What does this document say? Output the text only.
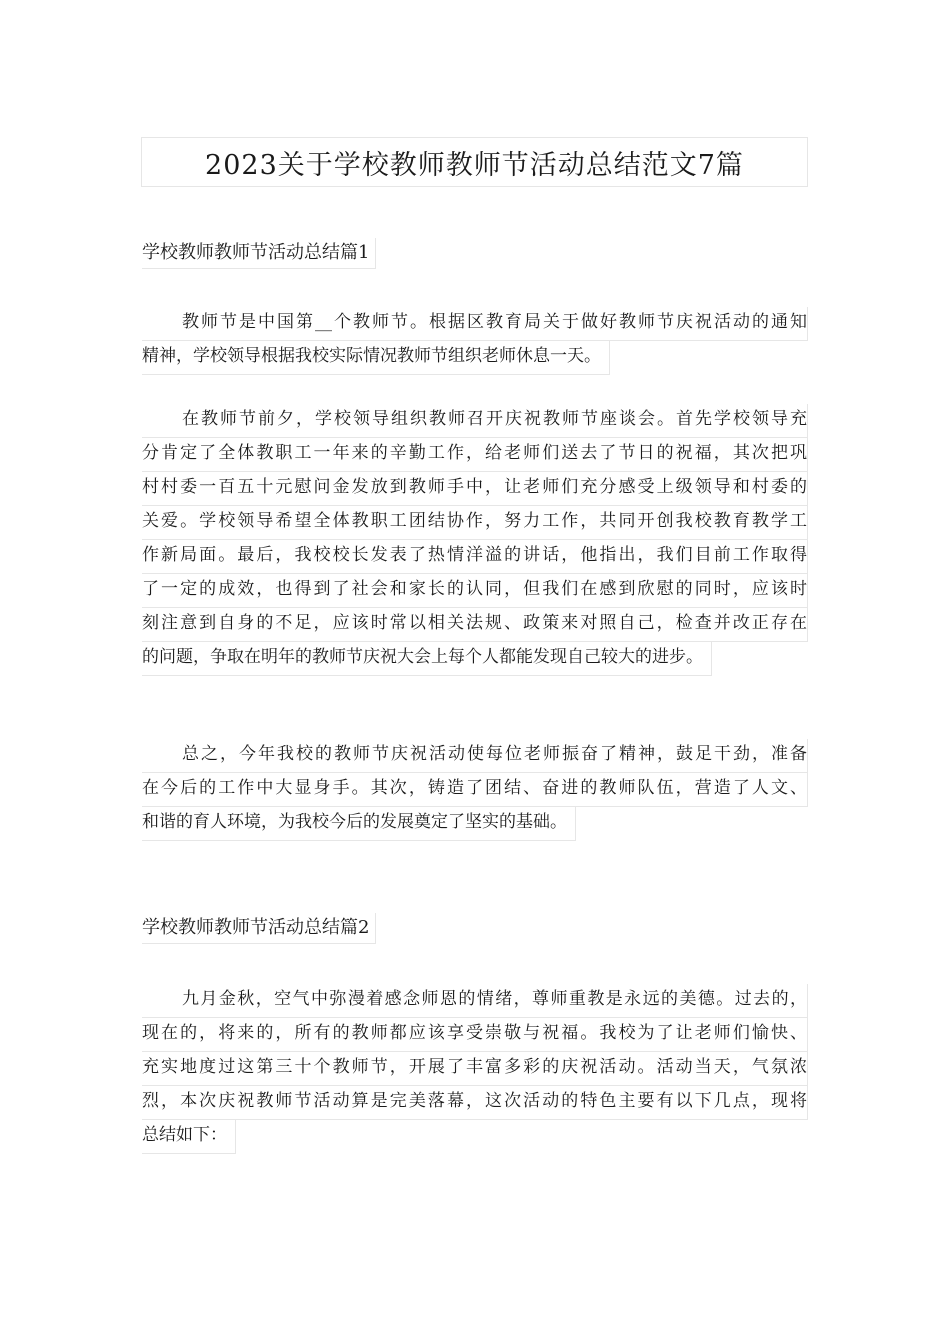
2023关于学校教师教师节活动总结范文7篇
学校教师教师节活动总结篇1
教师节是中国第__个教师节。根据区教育局关于做好教师节庆祝活动的通知
精神，学校领导根据我校实际情况教师节组织老师休息一天。
在教师节前夕，学校领导组织教师召开庆祝教师节座谈会。首先学校领导充
分肯定了全体教职工一年来的辛勤工作，给老师们送去了节日的祝福，其次把巩
村村委一百五十元慰问金发放到教师手中，让老师们充分感受上级领导和村委的
关爱。学校领导希望全体教职工团结协作，努力工作，共同开创我校教育教学工
作新局面。最后，我校校长发表了热情洋溢的讲话，他指出，我们目前工作取得
了一定的成效，也得到了社会和家长的认同，但我们在感到欣慰的同时，应该时
刻注意到自身的不足，应该时常以相关法规、政策来对照自己，检查并改正存在
的问题，争取在明年的教师节庆祝大会上每个人都能发现自己较大的进步。
总之，今年我校的教师节庆祝活动使每位老师振奋了精神，鼓足干劲，准备
在今后的工作中大显身手。其次，铸造了团结、奋进的教师队伍，营造了人文、
和谐的育人环境，为我校今后的发展奠定了坚实的基础。
学校教师教师节活动总结篇2
九月金秋，空气中弥漫着感念师恩的情绪，尊师重教是永远的美德。过去的，
现在的，将来的，所有的教师都应该享受崇敬与祝福。我校为了让老师们愉快、
充实地度过这第三十个教师节，开展了丰富多彩的庆祝活动。活动当天，气氛浓
烈，本次庆祝教师节活动算是完美落幕，这次活动的特色主要有以下几点，现将
总结如下：
